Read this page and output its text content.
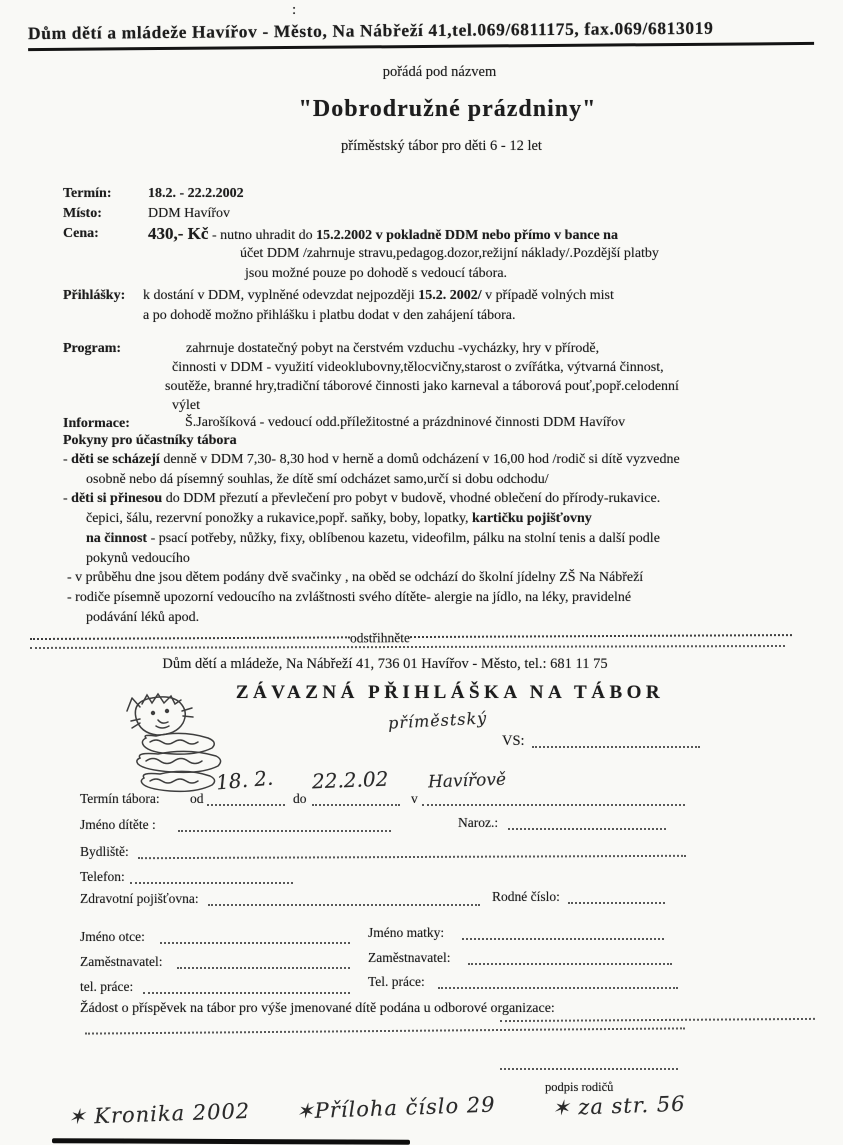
:
Dům dětí a mládeže Havířov - Město, Na Nábřeží 41,tel.069/6811175, fax.069/6813019
pořádá pod názvem
"Dobrodružné prázdniny"
příměstský tábor pro děti 6 - 12 let
Termín:	18.2. - 22.2.2002
Místo:	DDM Havířov
Cena:	430,- Kč - nutno uhradit do 15.2.2002 v pokladně DDM nebo přímo v bance na
účet DDM /zahrnuje stravu,pedagog.dozor,režijní náklady/.Pozdější platby
jsou možné pouze po dohodě s vedoucí tábora.
Přihlášky: k dostání v DDM, vyplněné odevzdat nejpozději 15.2. 2002/ v případě volných mist
a po dohodě možno přihlášku i platbu dodat v den zahájení tábora.
Program:	zahrnuje dostatečný pobyt na čerstvém vzduchu -vycházky, hry v přírodě,
činnosti v DDM - využití videoklubovny,tělocvičny,starost o zvířátka, výtvarná činnost,
soutěže, branné hry,tradiční táborové činnosti jako karneval a táborová pouť,popř.celodenní
výlet
Informace:	Š.Jarošíková - vedoucí odd.příležitostné a prázdninové činnosti DDM Havířov
Pokyny pro účastníky tábora
- děti se scházejí denně v DDM 7,30- 8,30 hod v herně a domů odcházení v 16,00 hod /rodič si dítě vyzvedne
osobně nebo dá písemný souhlas, že dítě smí odcházet samo,určí si dobu odchodu/
- děti si přinesou do DDM přezutí a převlečení pro pobyt v budově, vhodné oblečení do přírody-rukavice.
čepici, šálu, rezervní ponožky a rukavice,popř. saňky, boby, lopatky, kartičku pojišťovny
na činnost - psací potřeby, nůžky, fixy, oblíbenou kazetu, videofilm, pálku na stolní tenis a další podle
pokynů vedoucího
- v průběhu dne jsou dětem podány dvě svačinky , na oběd se odchází do školní jídelny ZŠ Na Nábřeží
- rodiče písemně upozorní vedoucího na zvláštnosti svého dítěte- alergie na jídlo, na léky, pravidelné
podávání léků apod.
odstřihněte
Dům dětí a mládeže, Na Nábřeží 41, 736 01 Havířov - Město, tel.: 681 11 75
ZÁVAZNÁ PŘIHLÁŠKA NA TÁBOR
příměstský
VS:
Termín tábora: od
18. 2.
do
22.2.02
v
Havířově
Jméno dítěte :	Naroz.:
Bydliště:
Telefon:
Zdravotní pojišťovna:	Rodné číslo:
Jméno otce:	Jméno matky:
Zaměstnavatel:	Zaměstnavatel:
tel. práce:	Tel. práce:
Žádost o příspěvek na tábor pro výše jmenované dítě podána u odborové organizace:
podpis rodičů
✶ Kronika 2002 ✶Příloha číslo 29	✶ za str. 56
